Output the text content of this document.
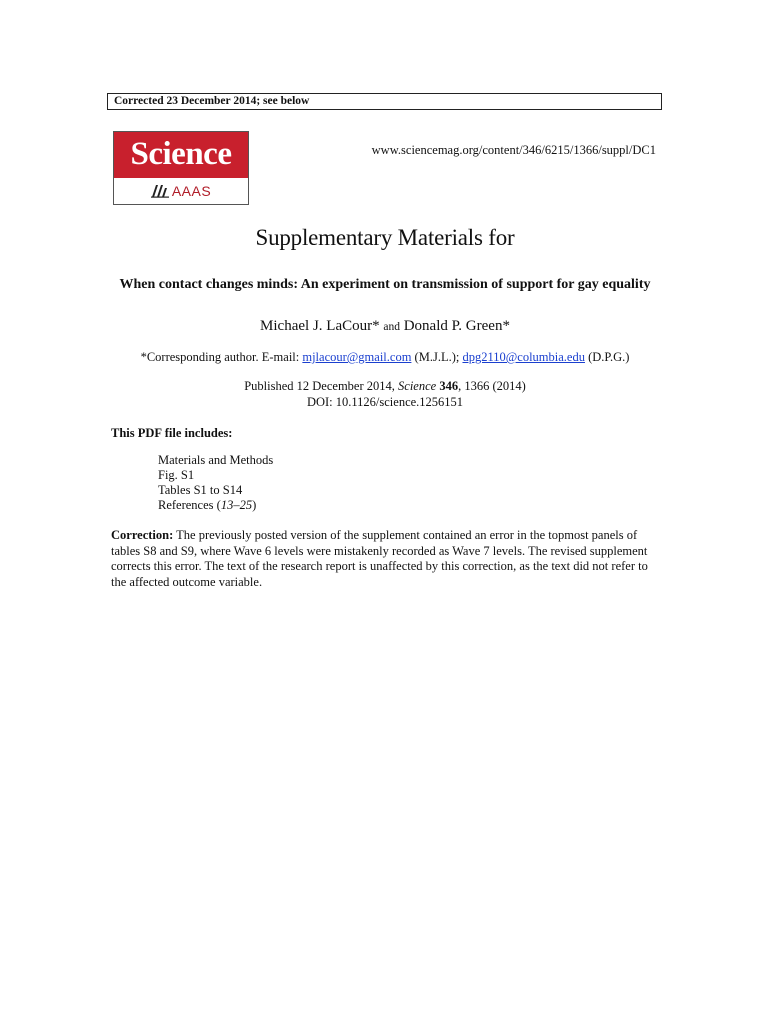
Corrected 23 December 2014; see below
Science
AAAS
www.sciencemag.org/content/346/6215/1366/suppl/DC1
Supplementary Materials for
When contact changes minds: An experiment on transmission of support for gay equality
Michael J. LaCour* and Donald P. Green*
*Corresponding author. E-mail: mjlacour@gmail.com (M.J.L.); dpg2110@columbia.edu (D.P.G.)
Published 12 December 2014, Science 346, 1366 (2014)
DOI: 10.1126/science.1256151
This PDF file includes:
Materials and Methods
Fig. S1
Tables S1 to S14
References (13–25)
Correction: The previously posted version of the supplement contained an error in the topmost panels of tables S8 and S9, where Wave 6 levels were mistakenly recorded as Wave 7 levels. The revised supplement corrects this error. The text of the research report is unaffected by this correction, as the text did not refer to the affected outcome variable.
